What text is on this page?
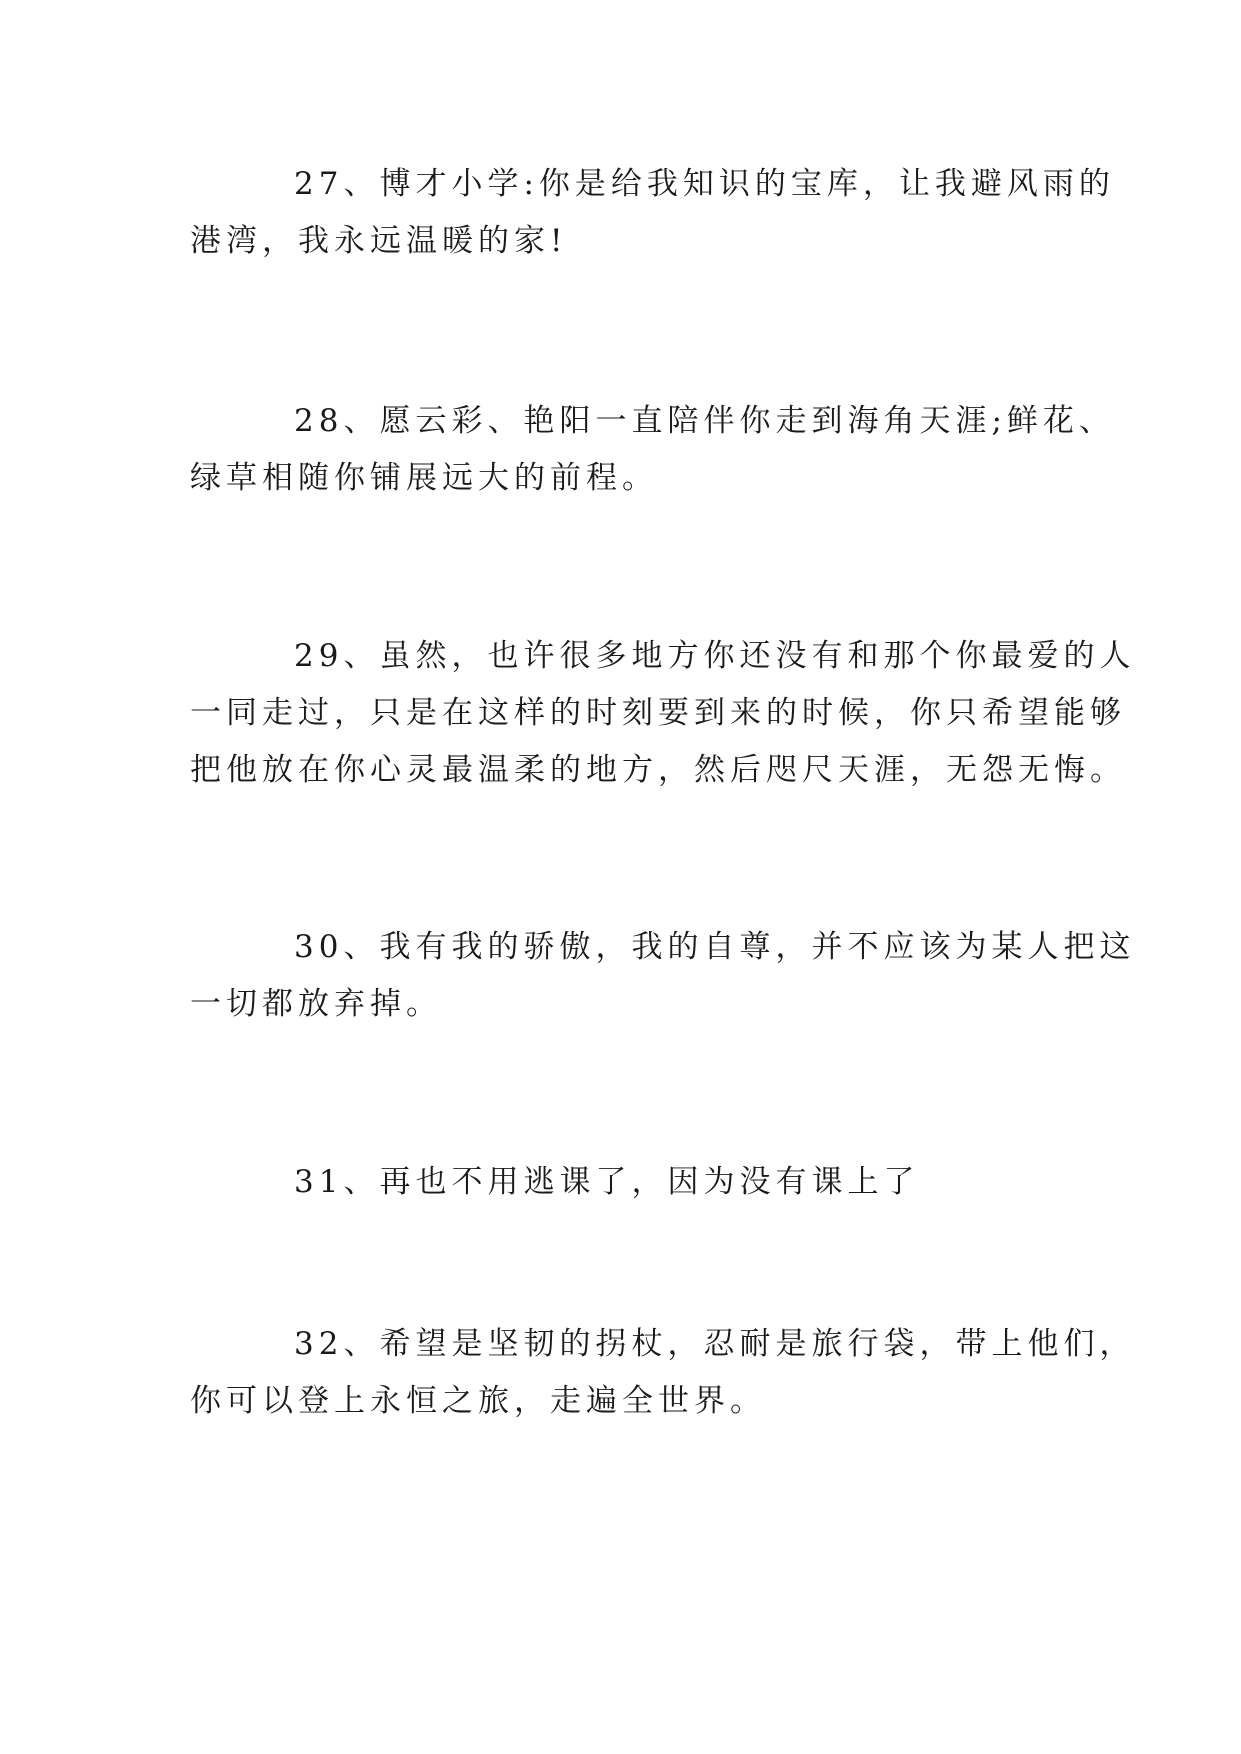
27、博才小学:你是给我知识的宝库，让我避风雨的
港湾，我永远温暖的家!

28、愿云彩、艳阳一直陪伴你走到海角天涯;鲜花、
绿草相随你铺展远大的前程。

29、虽然，也许很多地方你还没有和那个你最爱的人
一同走过，只是在这样的时刻要到来的时候，你只希望能够
把他放在你心灵最温柔的地方，然后咫尺天涯，无怨无悔。

30、我有我的骄傲，我的自尊，并不应该为某人把这
一切都放弃掉。

31、再也不用逃课了，因为没有课上了

32、希望是坚韧的拐杖，忍耐是旅行袋，带上他们，
你可以登上永恒之旅，走遍全世界。
